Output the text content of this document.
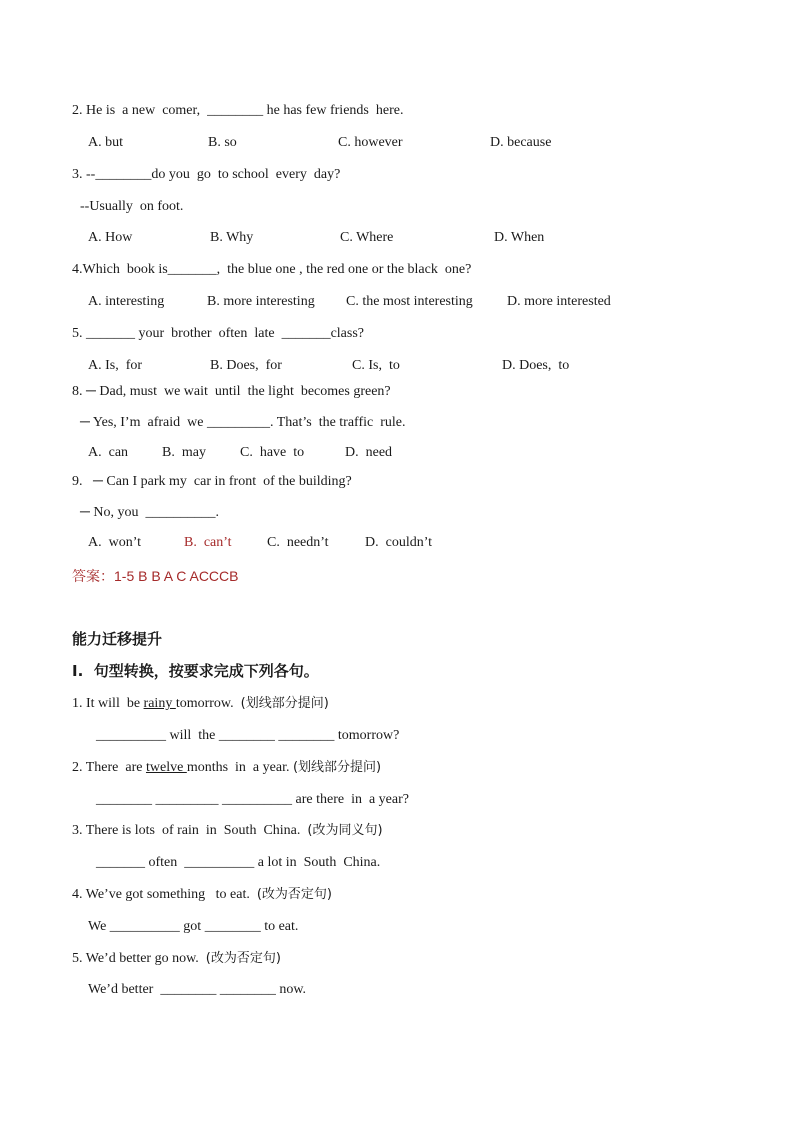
2. He is  a new  comer,  ________ he has few friends  here.
A. but	B. so	C. however	D. because
3. --________do you  go  to school  every  day?
--Usually  on foot.
A. How	B. Why	C. Where	D. When
4.Which  book is_______,  the blue one , the red one or the black  one?
A. interesting	B. more interesting C. the most interesting D. more interested
5. _______ your  brother  often  late  _______class?
A. Is,  for	B. Does,  for	C. Is,  to	D. Does,  to
8. ─ Dad, must  we wait  until  the light  becomes green?
─ Yes, I’m  afraid  we _________. That’s  the traffic  rule.
A.  can B.  may C.  have  to	D.  need
9.   ─ Can I park my  car in front  of the building?
─ No, you  __________.
A.  won’t	B.  can’t	C.  needn’t	D.  couldn’t
答案：1-5 B B A C ACCCB
能力迁移提升
I.  句型转换，按要求完成下列各句。
1. It will  be rainy tomorrow.  (划线部分提问)
__________ will  the ________ ________ tomorrow?
2. There  are twelve months  in  a year. (划线部分提问)
________ _________ __________ are there  in  a year?
3. There is lots  of rain  in  South  China.  (改为同义句)
_______ often  __________ a lot in  South  China.
4. We’ve got something   to eat.  (改为否定句)
We __________ got ________ to eat.
5. We’d better go now.  (改为否定句)
We’d better  ________ ________ now.
